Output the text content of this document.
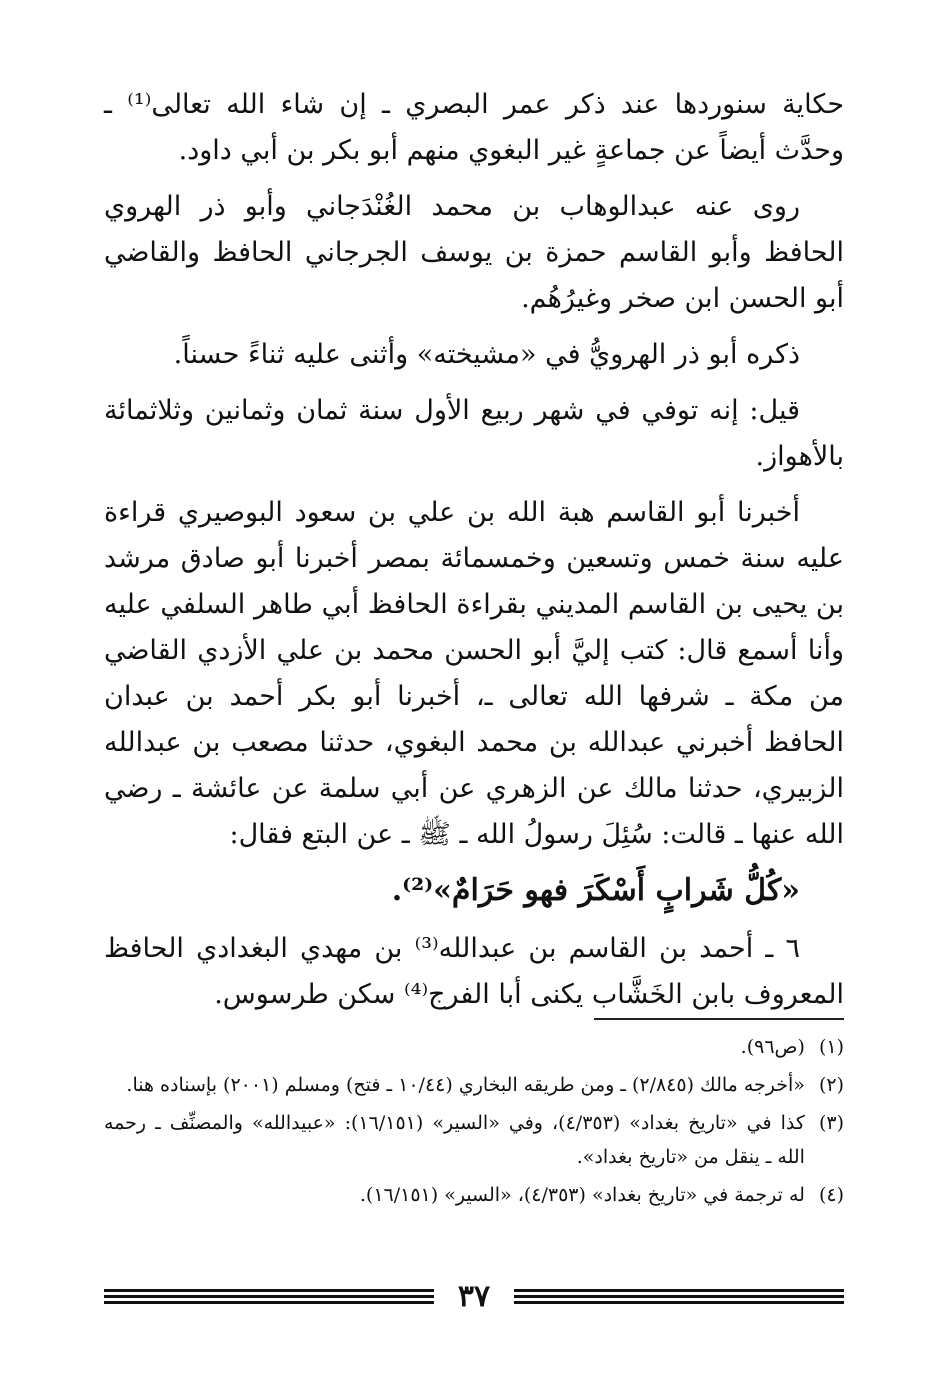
حكاية سنوردها عند ذكر عمر البصري ـ إن شاء الله تعالى⁽¹⁾ ـ وحدَّث أيضاً عن جماعةٍ غير البغوي منهم أبو بكر بن أبي داود.

روى عنه عبدالوهاب بن محمد الغُنْدَجاني وأبو ذر الهروي الحافظ وأبو القاسم حمزة بن يوسف الجرجاني الحافظ والقاضي أبو الحسن ابن صخر وغيرُهُم.

ذكره أبو ذر الهرويُّ في «مشيخته» وأثنى عليه ثناءً حسناً.

قيل: إنه توفي في شهر ربيع الأول سنة ثمان وثمانين وثلاثمائة بالأهواز.

أخبرنا أبو القاسم هبة الله بن علي بن سعود البوصيري قراءة عليه سنة خمس وتسعين وخمسمائة بمصر أخبرنا أبو صادق مرشد بن يحيى بن القاسم المديني بقراءة الحافظ أبي طاهر السلفي عليه وأنا أسمع قال: كتب إليَّ أبو الحسن محمد بن علي الأزدي القاضي من مكة ـ شرفها الله تعالى ـ، أخبرنا أبو بكر أحمد بن عبدان الحافظ أخبرني عبدالله بن محمد البغوي، حدثنا مصعب بن عبدالله الزبيري، حدثنا مالك عن الزهري عن أبي سلمة عن عائشة ـ رضي الله عنها ـ قالت: سُئِلَ رسولُ الله ـ ﷺ ـ عن البتع فقال:

«كُلُّ شَرابٍ أَسْكَرَ فهو حَرَامٌ»⁽²⁾.

٦ ـ أحمد بن القاسم بن عبدالله⁽³⁾ بن مهدي البغدادي الحافظ المعروف بابن الخَشَّاب يكنى أبا الفرج⁽⁴⁾ سكن طرسوس.

(١)
(ص٩٦).
(٢)
«أخرجه مالك (٢/٨٤٥) ـ ومن طريقه البخاري (١٠/٤٤ ـ فتح) ومسلم (٢٠٠١) بإسناده هنا.
(٣)
كذا في «تاريخ بغداد» (٤/٣٥٣)، وفي «السير» (١٦/١٥١): «عبيدالله» والمصنِّف ـ رحمه الله ـ ينقل من «تاريخ بغداد».
(٤)
له ترجمة في «تاريخ بغداد» (٤/٣٥٣)، «السير» (١٦/١٥١).
٣٧
